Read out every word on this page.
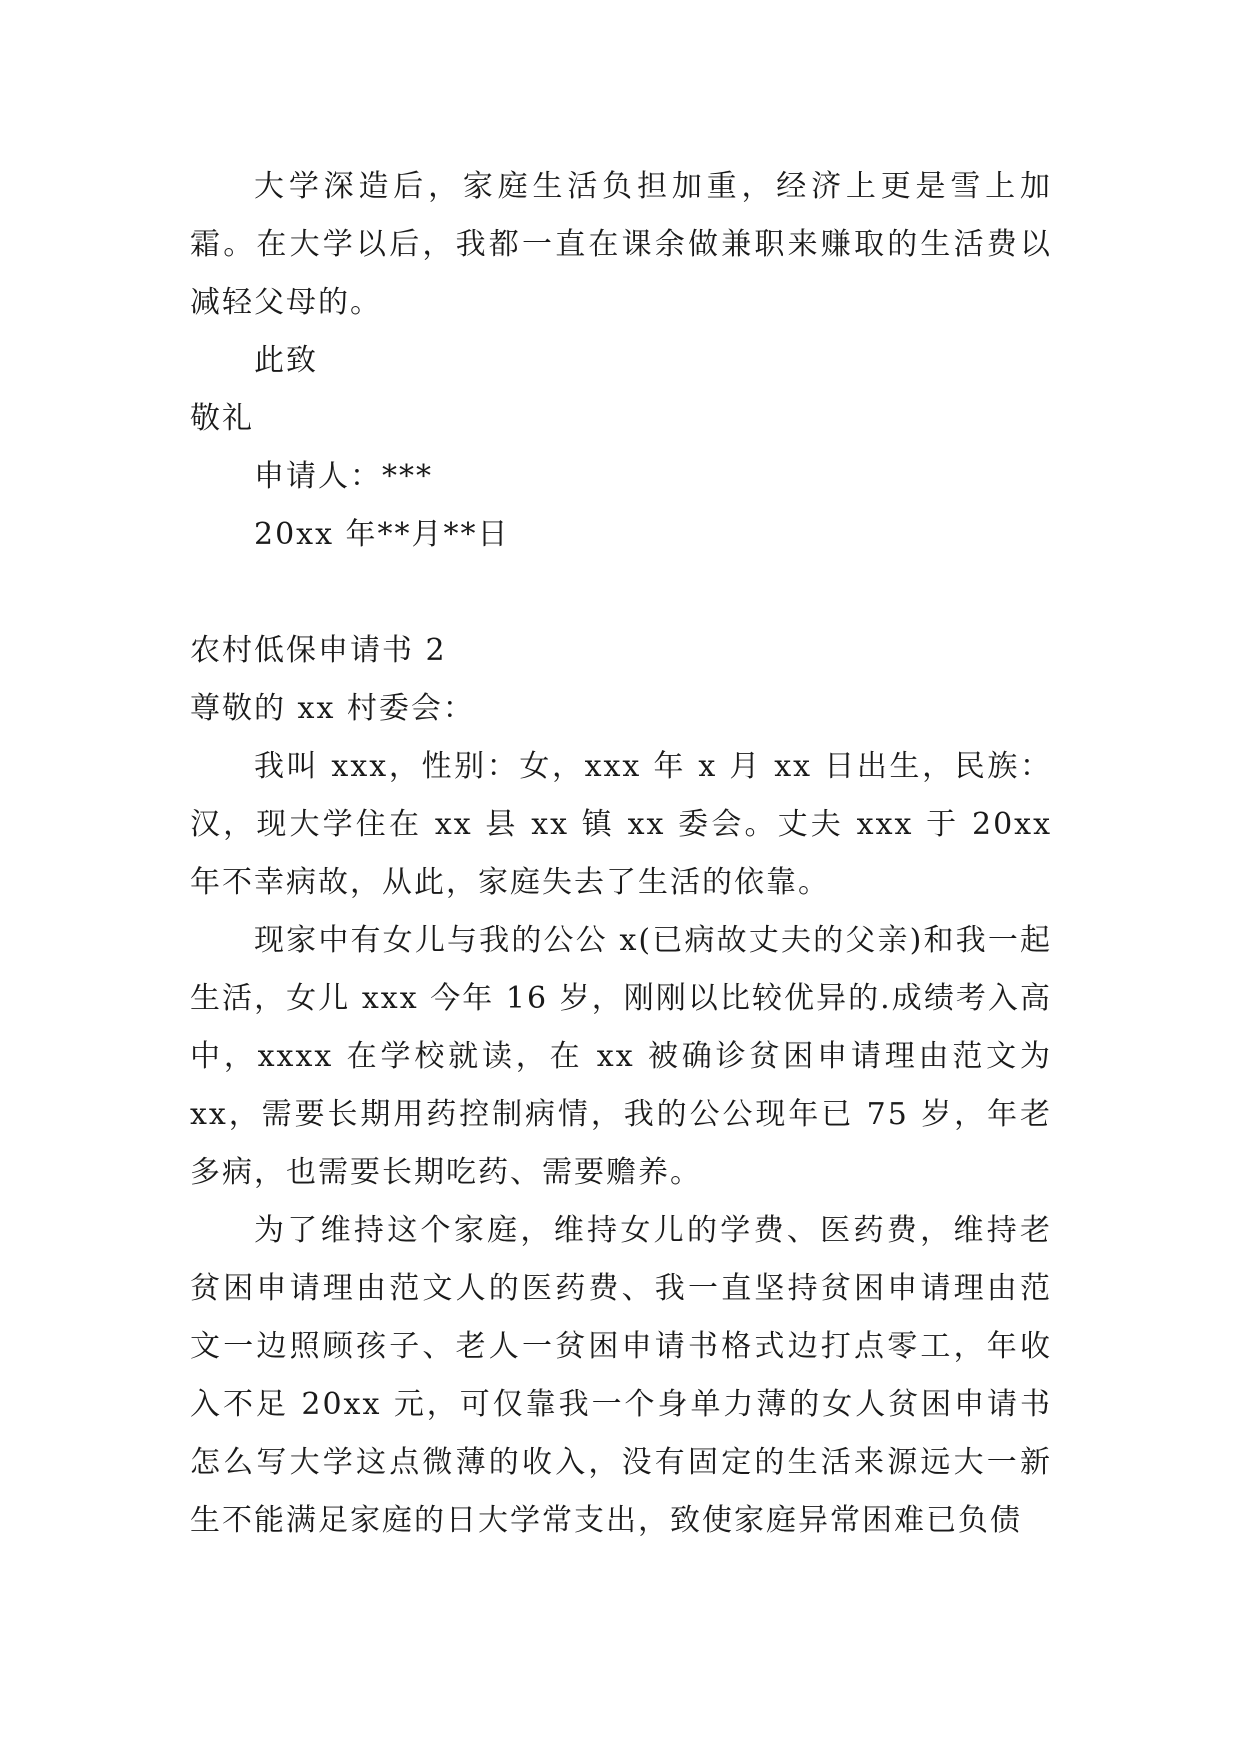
大学深造后，家庭生活负担加重，经济上更是雪上加霜。在大学以后，我都一直在课余做兼职来赚取的生活费以减轻父母的。

此致

敬礼

申请人：***

20xx 年**月**日

农村低保申请书 2

尊敬的 xx 村委会：

我叫 xxx，性别：女，xxx 年 x 月 xx 日出生，民族：汉，现大学住在 xx 县 xx 镇 xx 委会。丈夫 xxx 于 20xx 年不幸病故，从此，家庭失去了生活的依靠。

现家中有女儿与我的公公 x(已病故丈夫的父亲)和我一起生活，女儿 xxx 今年 16 岁，刚刚以比较优异的.成绩考入高中，xxxx 在学校就读，在 xx 被确诊贫困申请理由范文为 xx，需要长期用药控制病情，我的公公现年已 75 岁，年老多病，也需要长期吃药、需要赡养。

为了维持这个家庭，维持女儿的学费、医药费，维持老贫困申请理由范文人的医药费、我一直坚持贫困申请理由范文一边照顾孩子、老人一贫困申请书格式边打点零工，年收入不足 20xx 元，可仅靠我一个身单力薄的女人贫困申请书怎么写大学这点微薄的收入，没有固定的生活来源远大一新生不能满足家庭的日大学常支出，致使家庭异常困难已负债
